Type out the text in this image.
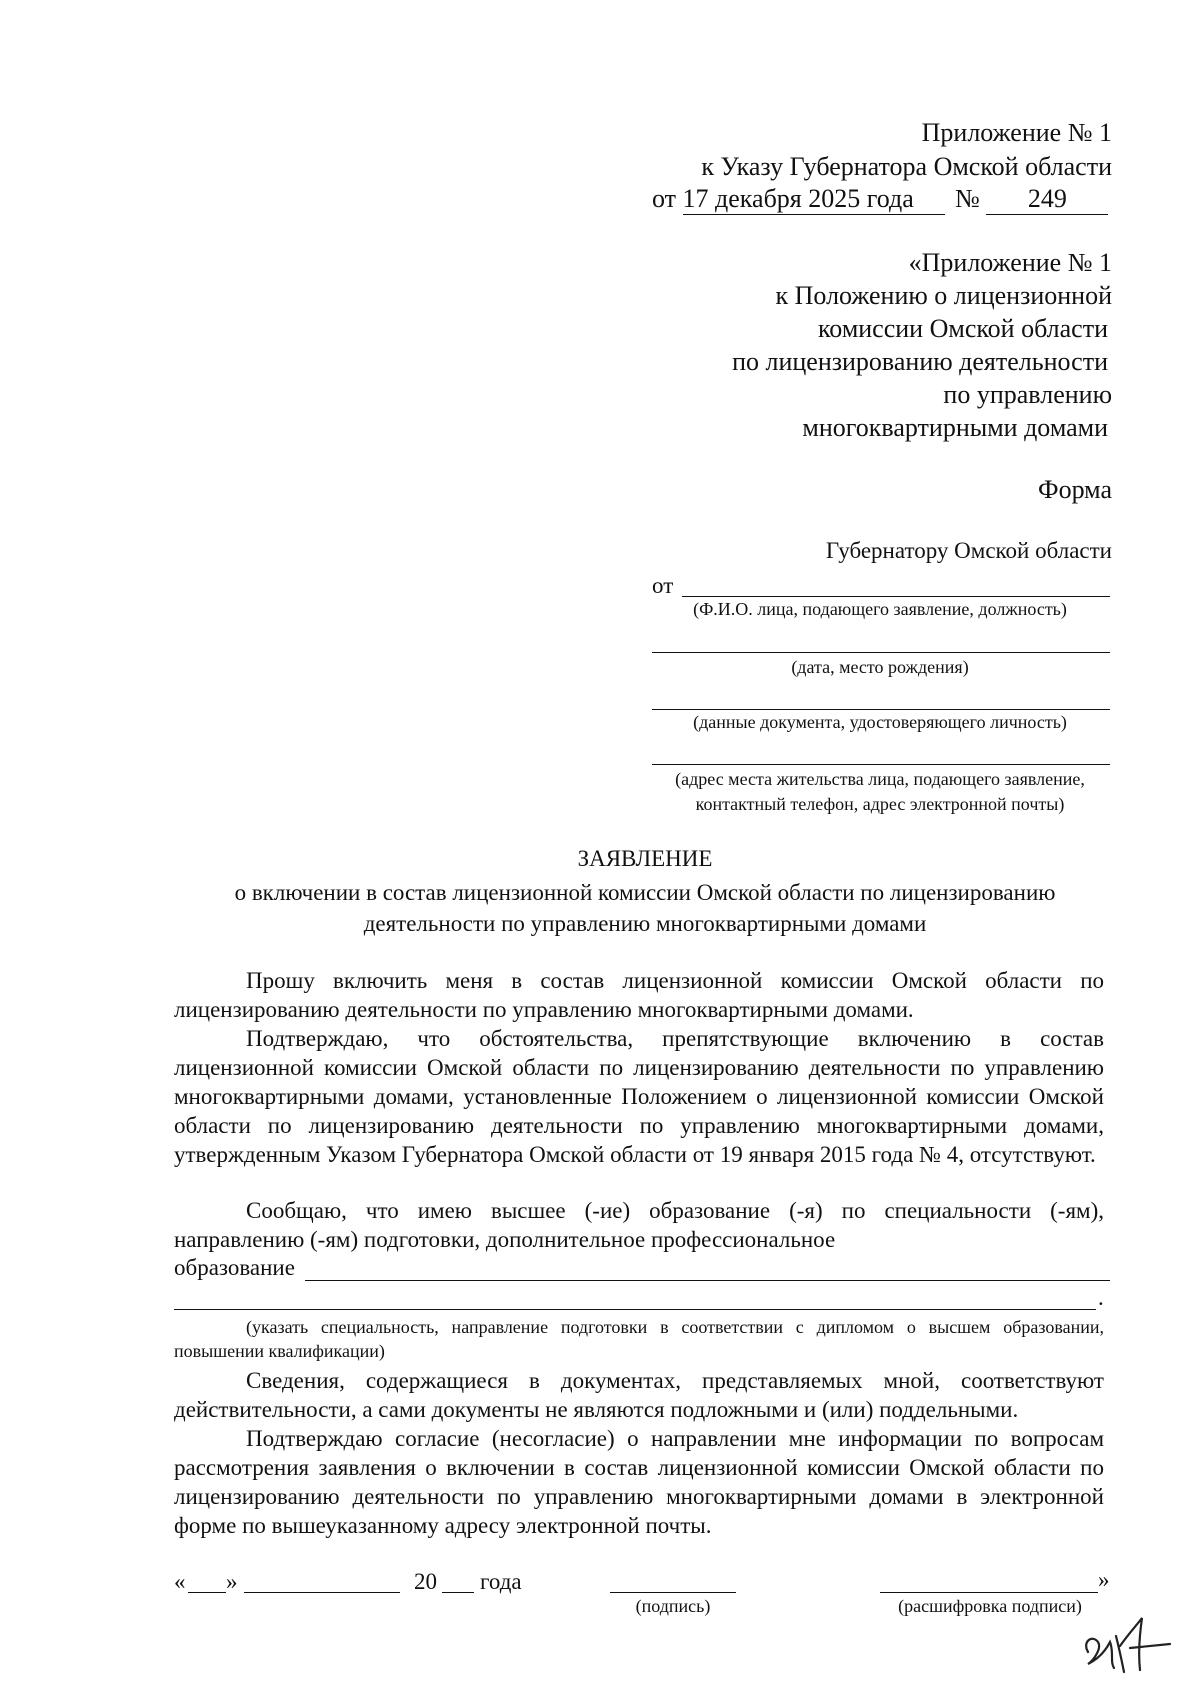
Приложение № 1
к Указу Губернатора Омской области
от 17 декабря 2025 года № 249
«Приложение № 1
к Положению о лицензионной
комиссии Омской области
по лицензированию деятельности
по управлению
многоквартирными домами
Форма
Губернатору Омской области
от
(Ф.И.О. лица, подающего заявление, должность)
(дата, место рождения)
(данные документа, удостоверяющего личность)
(адрес места жительства лица, подающего заявление,
контактный телефон, адрес электронной почты)
ЗАЯВЛЕНИЕ
о включении в состав лицензионной комиссии Омской области по лицензированию
деятельности по управлению многоквартирными домами
Прошу включить меня в состав лицензионной комиссии Омской области по лицензированию деятельности по управлению многоквартирными домами.
Подтверждаю, что обстоятельства, препятствующие включению в состав лицензионной комиссии Омской области по лицензированию деятельности по управлению многоквартирными домами, установленные Положением о лицензионной комиссии Омской области по лицензированию деятельности по управлению многоквартирными домами, утвержденным Указом Губернатора Омской области от 19 января 2015 года № 4, отсутствуют.
Сообщаю, что имею высшее (-ие) образование (-я) по специальности (-ям), направлению (-ям) подготовки, дополнительное профессиональное
образование
.
(указать специальность, направление подготовки в соответствии с дипломом о высшем образовании, повышении квалификации)
Сведения, содержащиеся в документах, представляемых мной, соответствуют действительности, а сами документы не являются подложными и (или) поддельными.
Подтверждаю согласие (несогласие) о направлении мне информации по вопросам рассмотрения заявления о включении в состав лицензионной комиссии Омской области по лицензированию деятельности по управлению многоквартирными домами в электронной форме по вышеуказанному адресу электронной почты.
« »	20 года
(подпись)
»
(расшифровка подписи)
